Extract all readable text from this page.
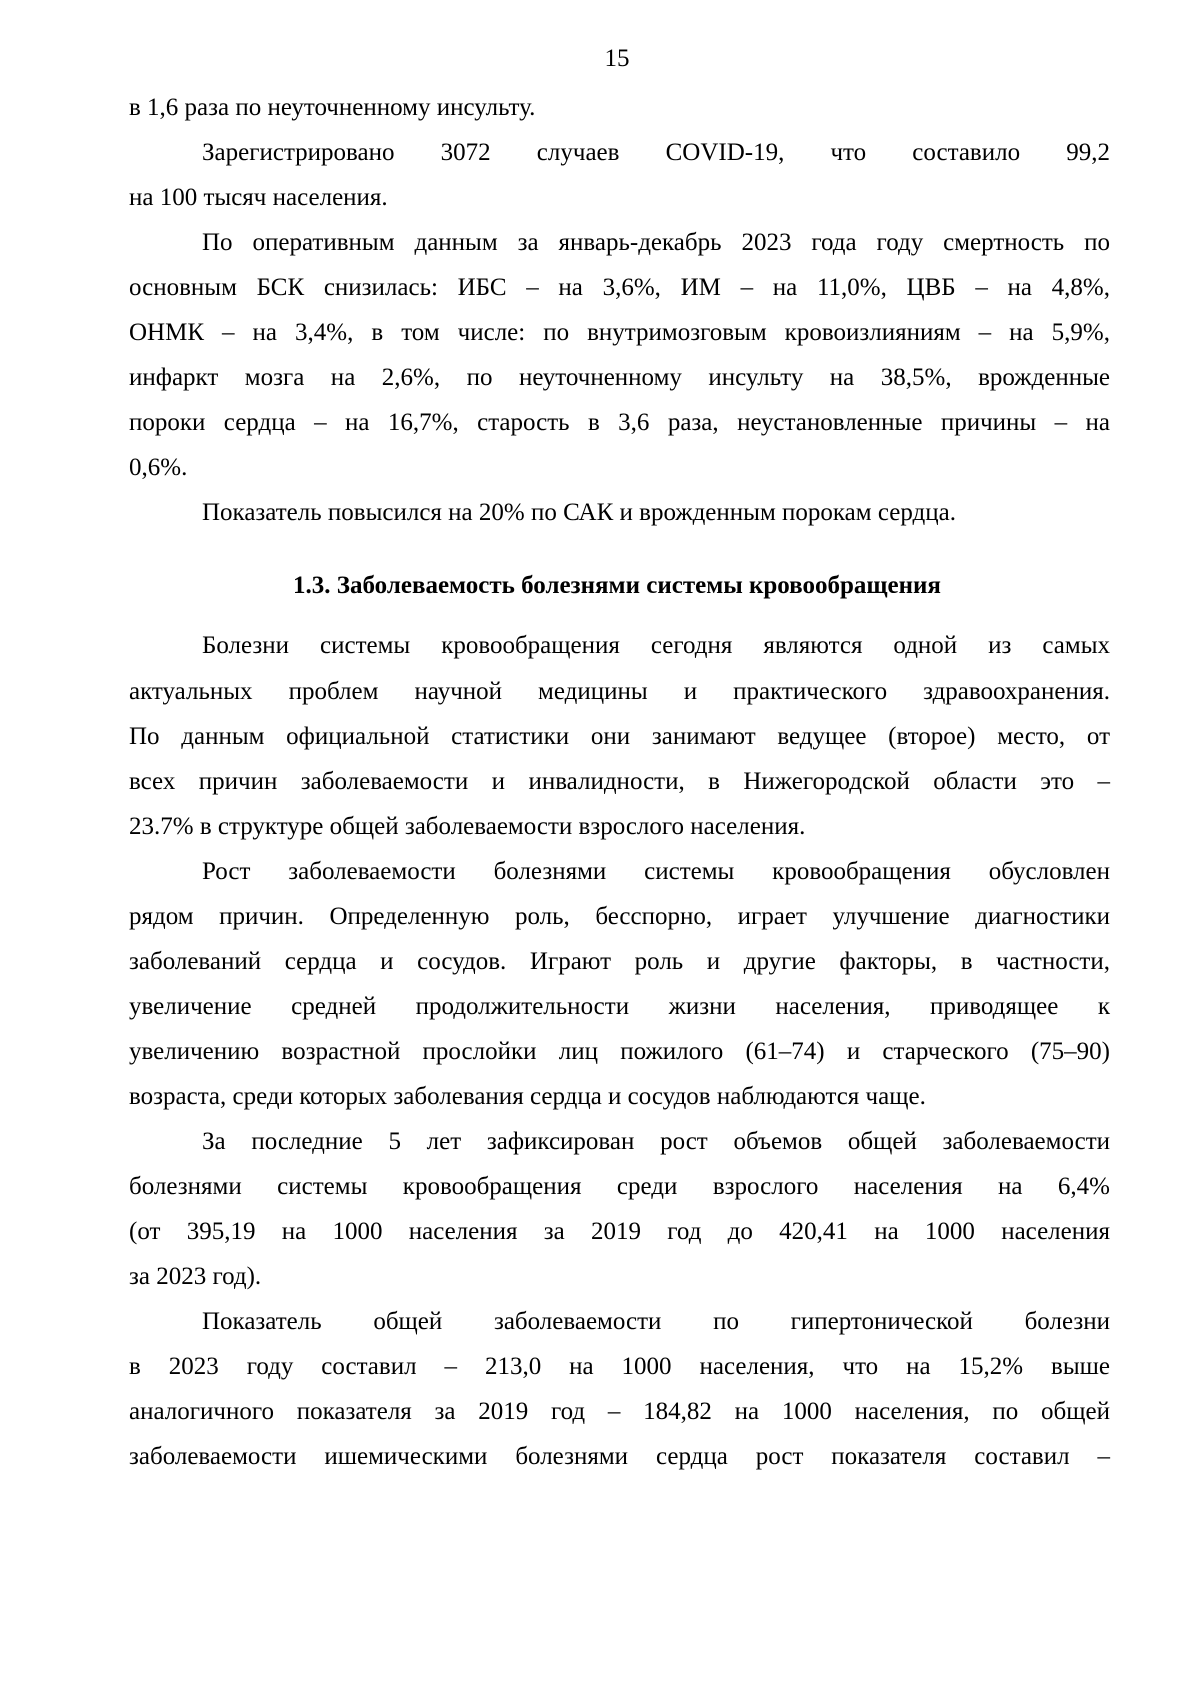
15
в 1,6 раза по неуточненному инсульту.
Зарегистрировано 3072 случаев COVID-19, что составило 99,2
на 100 тысяч населения.
По оперативным данным за январь-декабрь 2023 года году смертность по
основным БСК снизилась: ИБС – на 3,6%, ИМ – на 11,0%, ЦВБ – на 4,8%,
ОНМК – на 3,4%, в том числе: по внутримозговым кровоизлияниям – на 5,9%,
инфаркт мозга на 2,6%, по неуточненному инсульту на 38,5%, врожденные
пороки сердца – на 16,7%, старость в 3,6 раза, неустановленные причины – на
0,6%.
Показатель повысился на 20% по САК и врожденным порокам сердца.
1.3. Заболеваемость болезнями системы кровообращения
Болезни системы кровообращения сегодня являются одной из самых
актуальных проблем научной медицины и практического здравоохранения.
По данным официальной статистики они занимают ведущее (второе) место, от
всех причин заболеваемости и инвалидности, в Нижегородской области это –
23.7% в структуре общей заболеваемости взрослого населения.
Рост заболеваемости болезнями системы кровообращения обусловлен
рядом причин. Определенную роль, бесспорно, играет улучшение диагностики
заболеваний сердца и сосудов. Играют роль и другие факторы, в частности,
увеличение средней продолжительности жизни населения, приводящее к
увеличению возрастной прослойки лиц пожилого (61–74) и старческого (75–90)
возраста, среди которых заболевания сердца и сосудов наблюдаются чаще.
За последние 5 лет зафиксирован рост объемов общей заболеваемости
болезнями системы кровообращения среди взрослого населения на 6,4%
(от 395,19 на 1000 населения за 2019 год до 420,41 на 1000 населения
за 2023 год).
Показатель общей заболеваемости по гипертонической болезни
в 2023 году составил – 213,0 на 1000 населения, что на 15,2% выше
аналогичного показателя за 2019 год – 184,82 на 1000 населения, по общей
заболеваемости ишемическими болезнями сердца рост показателя составил –
